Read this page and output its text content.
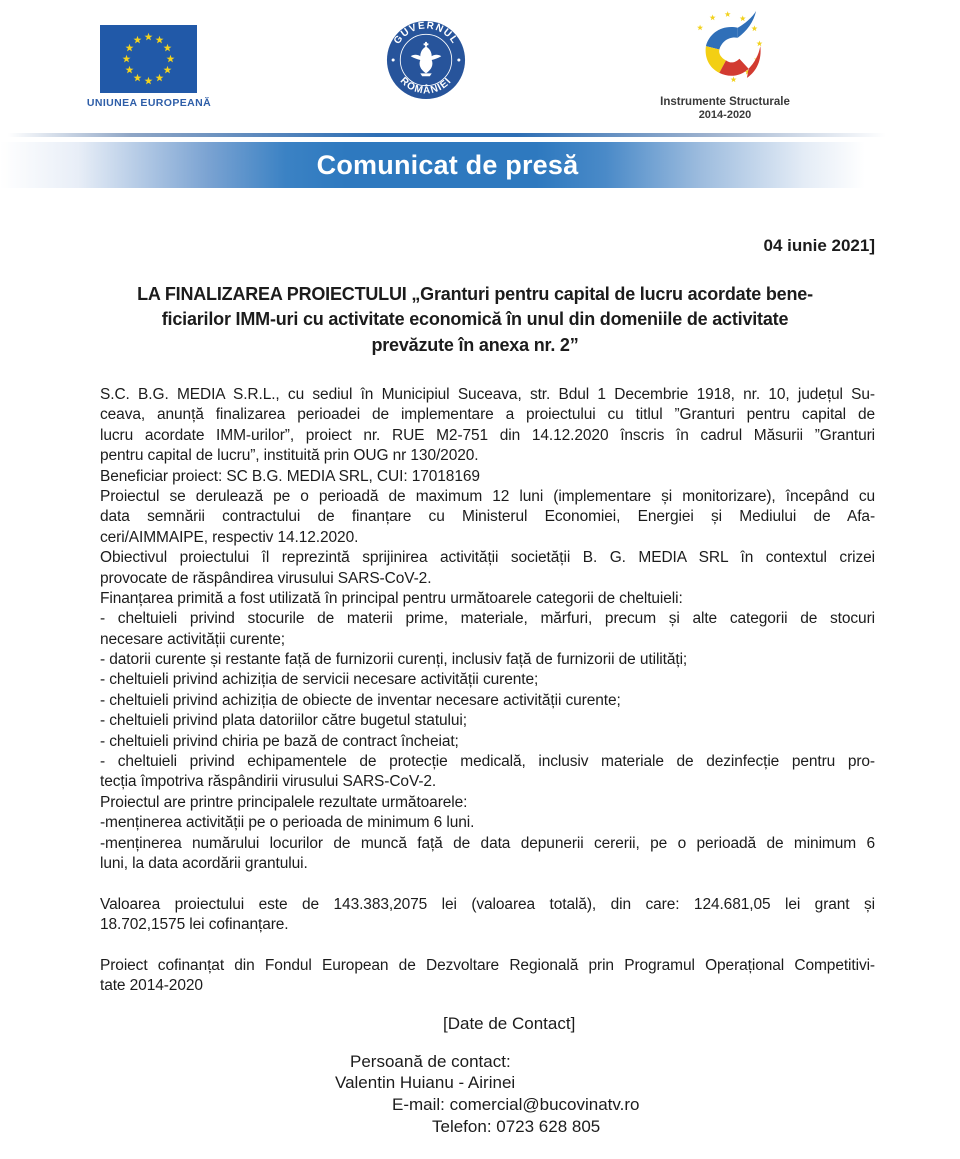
UNIUNEA EUROPEANĂ
GUVERNUL
ROMÂNIEI
Instrumente Structurale
2014-2020
Comunicat de presă
04 iunie 2021]
LA FINALIZAREA PROIECTULUI „Granturi pentru capital de lucru acordate bene-
ficiarilor IMM-uri cu activitate economică în unul din domeniile de activitate
prevăzute în anexa nr. 2”
S.C. B.G. MEDIA S.R.L., cu sediul în Municipiul Suceava, str. Bdul 1 Decembrie 1918, nr. 10, județul Su-
ceava, anunță finalizarea perioadei de implementare a proiectului cu titlul ”Granturi pentru capital de
lucru acordate IMM-urilor”, proiect nr. RUE M2-751 din 14.12.2020 înscris în cadrul Măsurii ”Granturi
pentru capital de lucru”, instituită prin OUG nr 130/2020.
Beneficiar proiect: SC B.G. MEDIA SRL, CUI: 17018169
Proiectul se derulează pe o perioadă de maximum 12 luni (implementare și monitorizare), începând cu
data semnării contractului de finanțare cu Ministerul Economiei, Energiei și Mediului de Afa-
ceri/AIMMAIPE, respectiv 14.12.2020.
Obiectivul proiectului îl reprezintă sprijinirea activității societății B. G. MEDIA SRL în contextul crizei
provocate de răspândirea virusului SARS-CoV-2.
Finanțarea primită a fost utilizată în principal pentru următoarele categorii de cheltuieli:
- cheltuieli privind stocurile de materii prime, materiale, mărfuri, precum și alte categorii de stocuri
necesare activității curente;
- datorii curente și restante față de furnizorii curenți, inclusiv față de furnizorii de utilități;
- cheltuieli privind achiziția de servicii necesare activității curente;
- cheltuieli privind achiziția de obiecte de inventar necesare activității curente;
- cheltuieli privind plata datoriilor către bugetul statului;
- cheltuieli privind chiria pe bază de contract încheiat;
- cheltuieli privind echipamentele de protecție medicală, inclusiv materiale de dezinfecție pentru pro-
tecția împotriva răspândirii virusului SARS-CoV-2.
Proiectul are printre principalele rezultate următoarele:
-menținerea activității pe o perioada de minimum 6 luni.
-menținerea numărului locurilor de muncă față de data depunerii cererii, pe o perioadă de minimum 6
luni, la data acordării grantului.

Valoarea proiectului este de 143.383,2075 lei (valoarea totală), din care: 124.681,05 lei grant și
18.702,1575 lei cofinanțare.

Proiect cofinanțat din Fondul European de Dezvoltare Regională prin Programul Operațional Competitivi-
tate 2014-2020
[Date de Contact]
Persoană de contact:
Valentin Huianu - Airinei
E-mail: comercial@bucovinatv.ro
Telefon: 0723 628 805
